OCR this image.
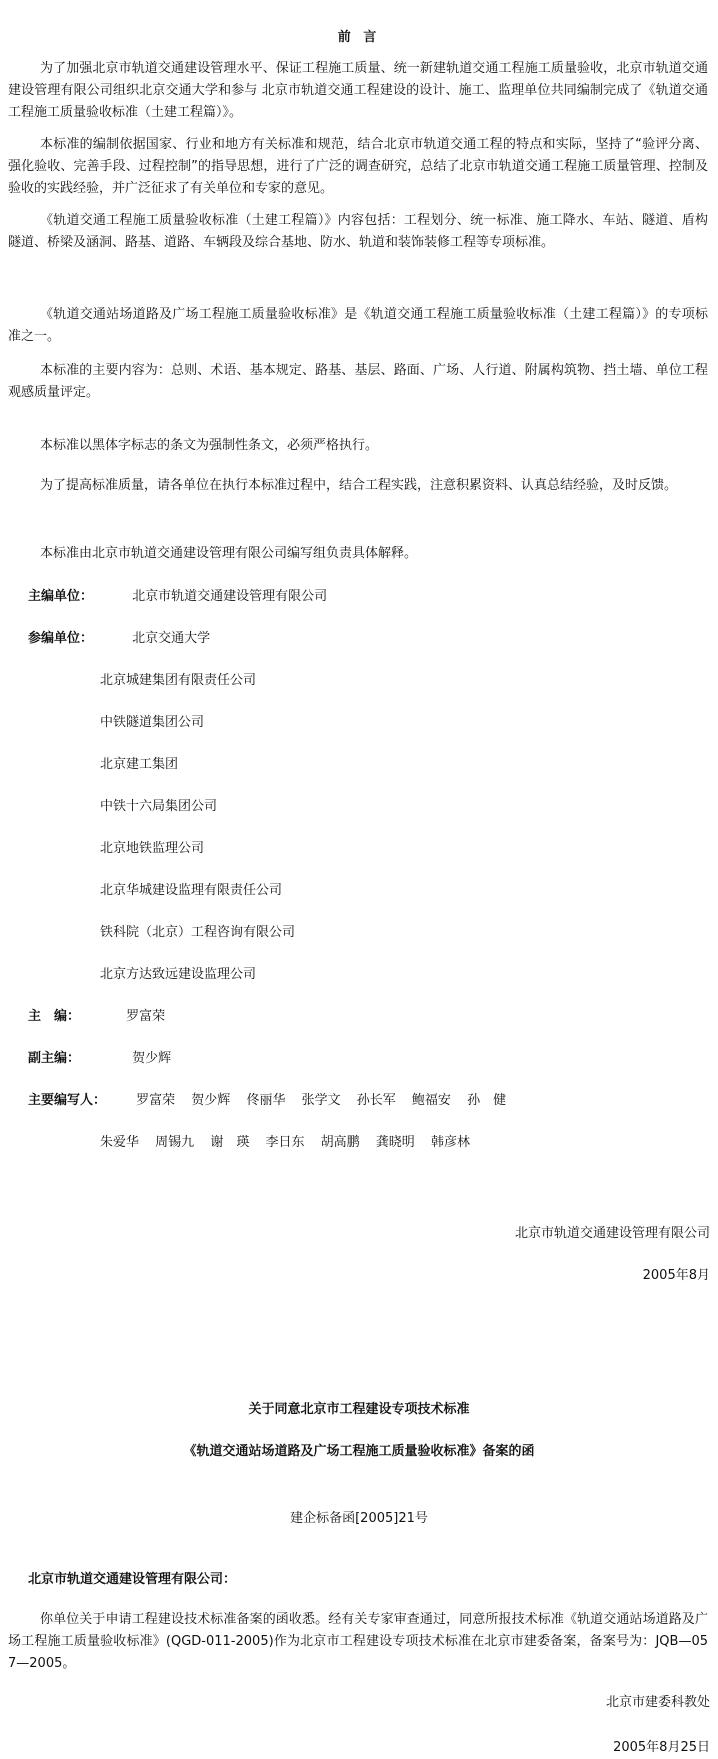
前 言
为了加强北京市轨道交通建设管理水平、保证工程施工质量、统一新建轨道交通工程施工质量验收，北京市轨道交通建设管理有限公司组织北京交通大学和参与 北京市轨道交通工程建设的设计、施工、监理单位共同编制完成了《轨道交通工程施工质量验收标准（土建工程篇）》。
本标准的编制依据国家、行业和地方有关标准和规范，结合北京市轨道交通工程的特点和实际，坚持了“验评分离、强化验收、完善手段、过程控制”的指导思想，进行了广泛的调查研究，总结了北京市轨道交通工程施工质量管理、控制及验收的实践经验，并广泛征求了有关单位和专家的意见。
《轨道交通工程施工质量验收标准（土建工程篇）》内容包括：工程划分、统一标准、施工降水、车站、隧道、盾构隧道、桥梁及涵洞、路基、道路、车辆段及综合基地、防水、轨道和装饰装修工程等专项标准。
《轨道交通站场道路及广场工程施工质量验收标准》是《轨道交通工程施工质量验收标准（土建工程篇）》的专项标准之一。
本标准的主要内容为：总则、术语、基本规定、路基、基层、路面、广场、人行道、附属构筑物、挡土墙、单位工程观感质量评定。
本标准以黑体字标志的条文为强制性条文，必须严格执行。
为了提高标准质量，请各单位在执行本标准过程中，结合工程实践，注意积累资料、认真总结经验，及时反馈。
本标准由北京市轨道交通建设管理有限公司编写组负责具体解释。
主编单位：	北京市轨道交通建设管理有限公司
参编单位：	北京交通大学
北京城建集团有限责任公司
中铁隧道集团公司
北京建工集团
中铁十六局集团公司
北京地铁监理公司
北京华城建设监理有限责任公司
铁科院（北京）工程咨询有限公司
北京方达致远建设监理公司
主　编：	罗富荣
副主编：	贺少辉
主要编写人： 罗富荣 贺少辉 佟丽华 张学文 孙长军 鲍福安 孙　健
朱爱华 周锡九 谢　瑛 李日东 胡高鹏 龚晓明 韩彦林
北京市轨道交通建设管理有限公司
2005年8月
关于同意北京市工程建设专项技术标准
《轨道交通站场道路及广场工程施工质量验收标准》备案的函
建企标备函[2005]21号
北京市轨道交通建设管理有限公司：
你单位关于申请工程建设技术标准备案的函收悉。经有关专家审查通过，同意所报技术标准《轨道交通站场道路及广场工程施工质量验收标准》(QGD-011-2005)作为北京市工程建设专项技术标准在北京市建委备案，备案号为：JQB—057—2005。
北京市建委科教处
2005年8月25日
